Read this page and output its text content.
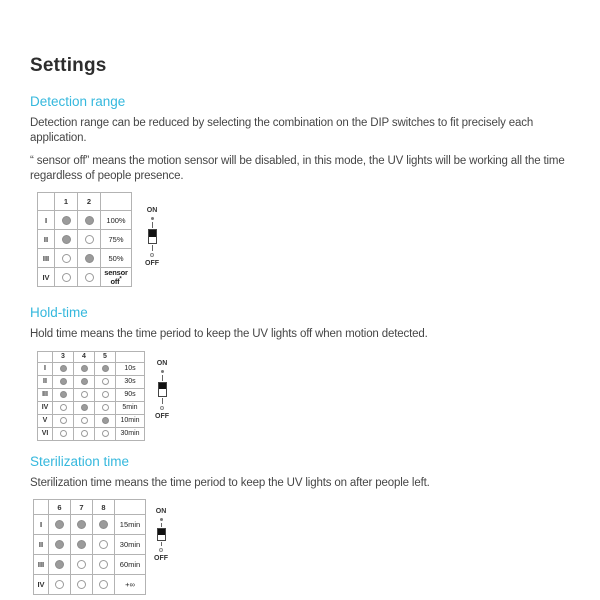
Settings
Detection range

Detection range can be reduced by selecting the combination on the DIP switches to fit precisely each application.

“ sensor off” means the motion sensor will be disabled, in this mode, the UV lights will be working all the time regardless of people presence.

	1	2	
I			100%
II			75%
III			50%
IV			sensor off*
ON
OFF
Hold-time

Hold time means the time period to keep the UV lights off when motion detected.

	3	4	5	
I				10s
II				30s
III				90s
IV				5min
V				10min
VI				30min
ON
OFF
Sterilization time

Sterilization time means the time period to keep the UV lights on after people left.

	6	7	8	
I				15min
II				30min
III				60min
IV				+∞
ON
OFF
